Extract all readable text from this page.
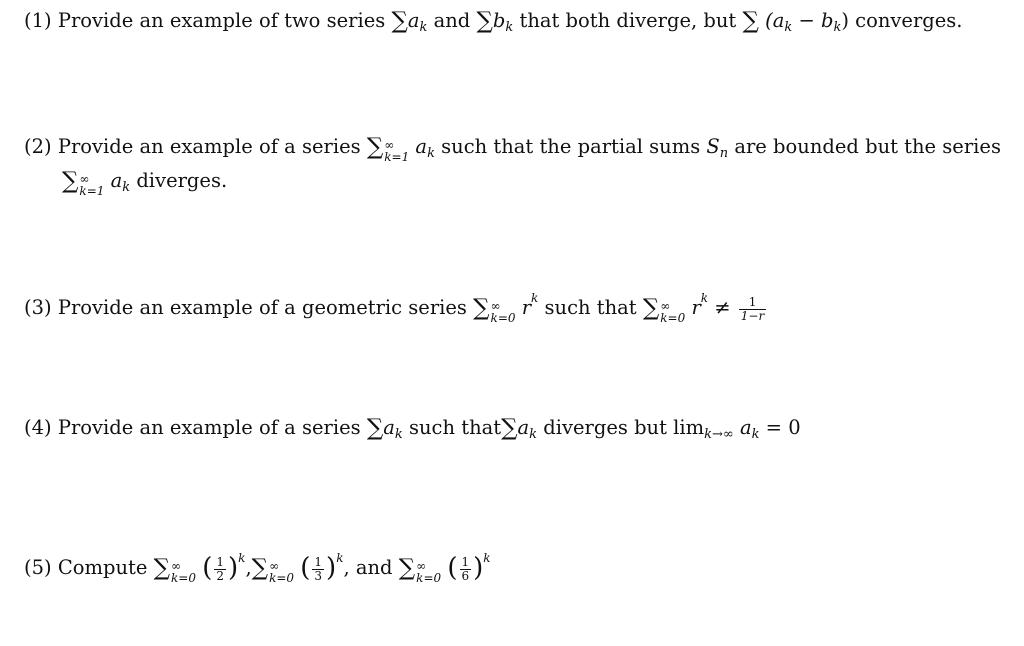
(1) Provide an example of two series $\sum a_k$ and $\sum b_k$ that both diverge, but ∑ $(a_k - b_k)$ converges.
(2) Provide an example of a series ∑ ∞
k=1 $a_k$ such that the partial sums $S_n$ are bounded but the series
∑ ∞
k=1 $a_k$ diverges.
(3) Provide an example of a geometric series ∑ ∞
k=0 $r^k$ such that ∑ ∞
k=0 $r^k \ne \frac{1}{1-r}$
(4) Provide an example of a series $\sum a_k$ such $that\sum a_k$ diverges but $\lim_{k\to\infty} a_k = 0$
(5) Compute ∑ ∞
k=0 ( $\frac{1}{2} )^k,\sum$ ∞
k=0 ( $\frac{1}{3} )^k$, and ∑ ∞
k=0 ( $\frac{1}{6} )^k$
